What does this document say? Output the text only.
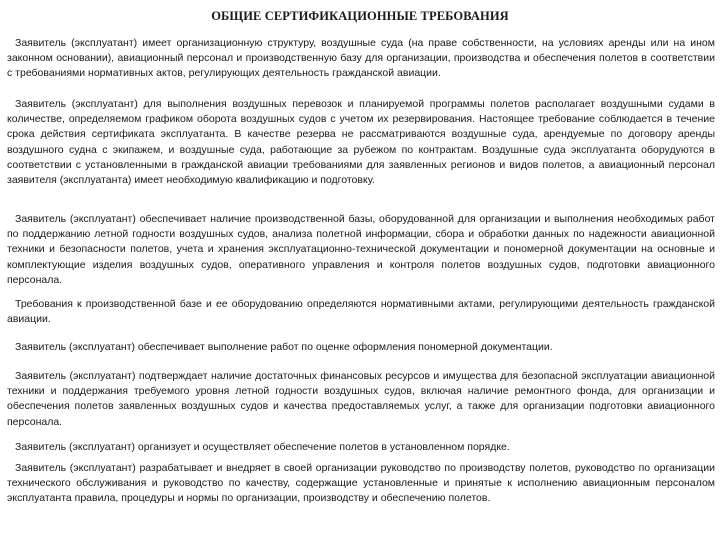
ОБЩИЕ СЕРТИФИКАЦИОННЫЕ ТРЕБОВАНИЯ

Заявитель (эксплуатант) имеет организационную структуру, воздушные суда (на праве собственности, на условиях аренды или на ином законном основании), авиационный персонал и производственную базу для организации, производства и обеспечения полетов в соответствии с требованиями нормативных актов, регулирующих деятельность гражданской авиации.

Заявитель (эксплуатант) для выполнения воздушных перевозок и планируемой программы полетов располагает воздушными судами в количестве, определяемом графиком оборота воздушных судов с учетом их резервирования. Настоящее требование соблюдается в течение срока действия сертификата эксплуатанта. В качестве резерва не рассматриваются воздушные суда, арендуемые по договору аренды воздушного судна с экипажем, и воздушные суда, работающие за рубежом по контрактам. Воздушные суда эксплуатанта оборудуются в соответствии с установленными в гражданской авиации требованиями для заявленных регионов и видов полетов, а авиационный персонал заявителя (эксплуатанта) имеет необходимую квалификацию и подготовку.

Заявитель (эксплуатант) обеспечивает наличие производственной базы, оборудованной для организации и выполнения необходимых работ по поддержанию летной годности воздушных судов, анализа полетной информации, сбора и обработки данных по надежности авиационной техники и безопасности полетов, учета и хранения эксплуатационно-технической документации и пономерной документации на основные и комплектующие изделия воздушных судов, оперативного управления и контроля полетов воздушных судов, подготовки авиационного персонала.

Требования к производственной базе и ее оборудованию определяются нормативными актами, регулирующими деятельность гражданской авиации.

Заявитель (эксплуатант) обеспечивает выполнение работ по оценке оформления пономерной документации.

Заявитель (эксплуатант) подтверждает наличие достаточных финансовых ресурсов и имущества для безопасной эксплуатации авиационной техники и поддержания требуемого уровня летной годности воздушных судов, включая наличие ремонтного фонда, для организации и обеспечения полетов заявленных воздушных судов и качества предоставляемых услуг, а также для организации подготовки авиационного персонала.

Заявитель (эксплуатант) организует и осуществляет обеспечение полетов в установленном порядке.

Заявитель (эксплуатант) разрабатывает и внедряет в своей организации руководство по производству полетов, руководство по организации технического обслуживания и руководство по качеству, содержащие установленные и принятые к исполнению авиационным персоналом эксплуатанта правила, процедуры и нормы по организации, производству и обеспечению полетов.
